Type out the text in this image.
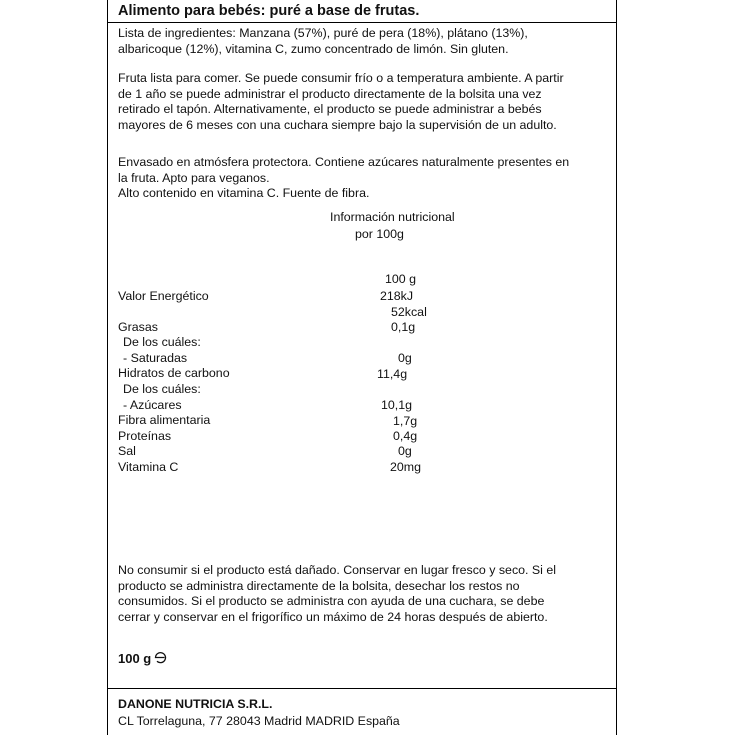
Alimento para bebés: puré a base de frutas.
Lista de ingredientes: Manzana (57%), puré de pera (18%), plátano (13%),
albaricoque (12%), vitamina C, zumo concentrado de limón. Sin gluten.
Fruta lista para comer. Se puede consumir frío o a temperatura ambiente. A partir
de 1 año se puede administrar el producto directamente de la bolsita una vez
retirado el tapón. Alternativamente, el producto se puede administrar a bebés
mayores de 6 meses con una cuchara siempre bajo la supervisión de un adulto.
Envasado en atmósfera protectora. Contiene azúcares naturalmente presentes en
la fruta. Apto para veganos.
Alto contenido en vitamina C. Fuente de fibra.
Información nutricional
por 100g
100 g
Valor Energético	218kJ
52kcal
Grasas	0,1g
De los cuáles:
- Saturadas	0g
Hidratos de carbono	11,4g
De los cuáles:
- Azúcares	10,1g
Fibra alimentaria	1,7g
Proteínas	0,4g
Sal	0g
Vitamina C	20mg
No consumir si el producto está dañado. Conservar en lugar fresco y seco. Si el
producto se administra directamente de la bolsita, desechar los restos no
consumidos. Si el producto se administra con ayuda de una cuchara, se debe
cerrar y conservar en el frigorífico un máximo de 24 horas después de abierto.
100 g
DANONE NUTRICIA S.R.L.
CL Torrelaguna, 77 28043 Madrid MADRID España
